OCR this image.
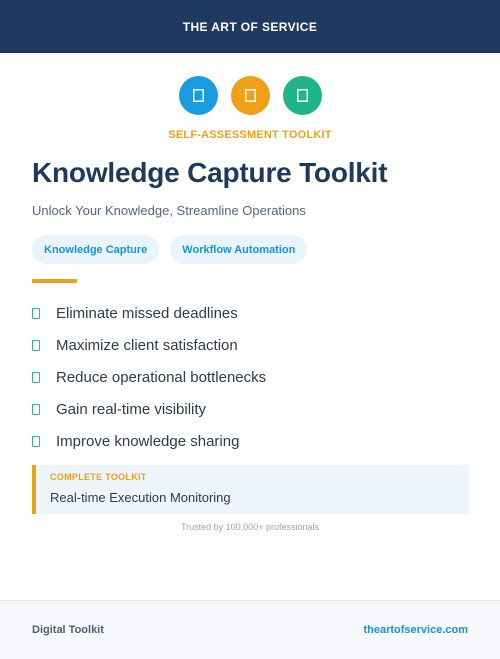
THE ART OF SERVICE
SELF-ASSESSMENT TOOLKIT
Knowledge Capture Toolkit

Unlock Your Knowledge, Streamline Operations

Knowledge Capture	Workflow Automation
Eliminate missed deadlines
Maximize client satisfaction
Reduce operational bottlenecks
Gain real-time visibility
Improve knowledge sharing
COMPLETE TOOLKIT
Real-time Execution Monitoring
Trusted by 100,000+ professionals
Digital Toolkit	theartofservice.com
